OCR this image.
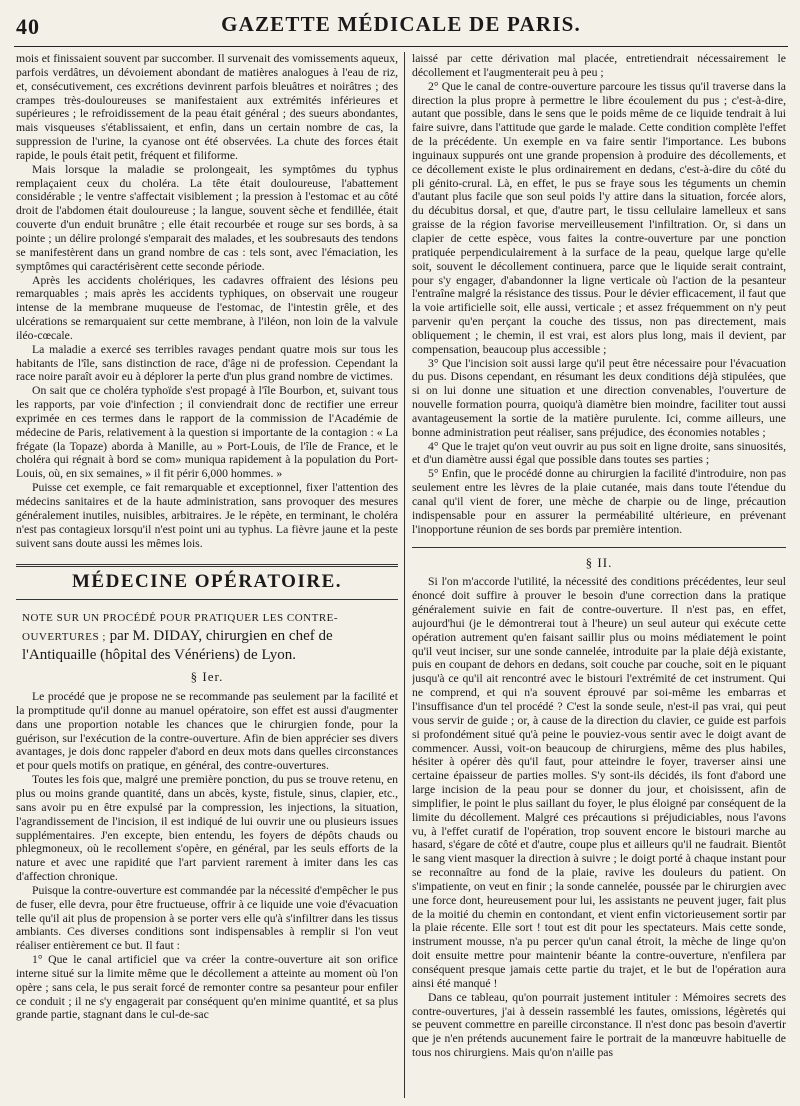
40	GAZETTE MÉDICALE DE PARIS.

mois et finissaient souvent par succomber. Il survenait des vomissements aqueux, parfois verdâtres, un dévoiement abondant de matières analogues à l'eau de riz, et, consécutivement, ces excrétions devinrent parfois bleuâtres et noirâtres ; des crampes très-douloureuses se manifestaient aux extrémités inférieures et supérieures ; le refroidissement de la peau était général ; des sueurs abondantes, mais visqueuses s'établissaient, et enfin, dans un certain nombre de cas, la suppression de l'urine, la cyanose ont été observées. La chute des forces était rapide, le pouls était petit, fréquent et filiforme.

Mais lorsque la maladie se prolongeait, les symptômes du typhus remplaçaient ceux du choléra. La tête était douloureuse, l'abattement considérable ; le ventre s'affectait visiblement ; la pression à l'estomac et au côté droit de l'abdomen était douloureuse ; la langue, souvent sèche et fendillée, était couverte d'un enduit brunâtre ; elle était recourbée et rouge sur ses bords, à sa pointe ; un délire prolongé s'emparait des malades, et les soubresauts des tendons se manifestèrent dans un grand nombre de cas : tels sont, avec l'émaciation, les symptômes qui caractérisèrent cette seconde période.

Après les accidents cholériques, les cadavres offraient des lésions peu remarquables ; mais après les accidents typhiques, on observait une rougeur intense de la membrane muqueuse de l'estomac, de l'intestin grêle, et des ulcérations se remarquaient sur cette membrane, à l'iléon, non loin de la valvule iléo-cœcale.

La maladie a exercé ses terribles ravages pendant quatre mois sur tous les habitants de l'île, sans distinction de race, d'âge ni de profession. Cependant la race noire paraît avoir eu à déplorer la perte d'un plus grand nombre de victimes.

On sait que ce choléra typhoïde s'est propagé à l'île Bourbon, et, suivant tous les rapports, par voie d'infection ; il conviendrait donc de rectifier une erreur exprimée en ces termes dans le rapport de la commission de l'Académie de médecine de Paris, relativement à la question si importante de la contagion : « La frégate (la Topaze) aborda à Manille, au » Port-Louis, de l'île de France, et le choléra qui régnait à bord se com» muniqua rapidement à la population du Port-Louis, où, en six semaines, » il fit périr 6,000 hommes. »

Puisse cet exemple, ce fait remarquable et exceptionnel, fixer l'attention des médecins sanitaires et de la haute administration, sans provoquer des mesures généralement inutiles, nuisibles, arbitraires. Je le répète, en terminant, le choléra n'est pas contagieux lorsqu'il n'est point uni au typhus. La fièvre jaune et la peste suivent sans doute aussi les mêmes lois.

MÉDECINE OPÉRATOIRE.

NOTE SUR UN PROCÉDÉ POUR PRATIQUER LES CONTRE-OUVERTURES ; par M. DIDAY, chirurgien en chef de l'Antiquaille (hôpital des Vénériens) de Lyon.

§ Ier.

Le procédé que je propose ne se recommande pas seulement par la facilité et la promptitude qu'il donne au manuel opératoire, son effet est aussi d'augmenter dans une proportion notable les chances que le chirurgien fonde, pour la guérison, sur l'exécution de la contre-ouverture. Afin de bien apprécier ses divers avantages, je dois donc rappeler d'abord en deux mots dans quelles circonstances et pour quels motifs on pratique, en général, des contre-ouvertures.

Toutes les fois que, malgré une première ponction, du pus se trouve retenu, en plus ou moins grande quantité, dans un abcès, kyste, fistule, sinus, clapier, etc., sans avoir pu en être expulsé par la compression, les injections, la situation, l'agrandissement de l'incision, il est indiqué de lui ouvrir une ou plusieurs issues supplémentaires. J'en excepte, bien entendu, les foyers de dépôts chauds ou phlegmoneux, où le recollement s'opère, en général, par les seuls efforts de la nature et avec une rapidité que l'art parvient rarement à imiter dans les cas d'affection chronique.

Puisque la contre-ouverture est commandée par la nécessité d'empêcher le pus de fuser, elle devra, pour être fructueuse, offrir à ce liquide une voie d'évacuation telle qu'il ait plus de propension à se porter vers elle qu'à s'infiltrer dans les tissus ambiants. Ces diverses conditions sont indispensables à remplir si l'on veut réaliser entièrement ce but. Il faut :

1° Que le canal artificiel que va créer la contre-ouverture ait son orifice interne situé sur la limite même que le décollement a atteinte au moment où l'on opère ; sans cela, le pus serait forcé de remonter contre sa pesanteur pour enfiler ce conduit ; il ne s'y engagerait par conséquent qu'en minime quantité, et sa plus grande partie, stagnant dans le cul-de-sac

laissé par cette dérivation mal placée, entretiendrait nécessairement le décollement et l'augmenterait peu à peu ;

2° Que le canal de contre-ouverture parcoure les tissus qu'il traverse dans la direction la plus propre à permettre le libre écoulement du pus ; c'est-à-dire, autant que possible, dans le sens que le poids même de ce liquide tendrait à lui faire suivre, dans l'attitude que garde le malade. Cette condition complète l'effet de la précédente. Un exemple en va faire sentir l'importance. Les bubons inguinaux suppurés ont une grande propension à produire des décollements, et ce décollement existe le plus ordinairement en dedans, c'est-à-dire du côté du pli génito-crural. Là, en effet, le pus se fraye sous les téguments un chemin d'autant plus facile que son seul poids l'y attire dans la situation, forcée alors, du décubitus dorsal, et que, d'autre part, le tissu cellulaire lamelleux et sans graisse de la région favorise merveilleusement l'infiltration. Or, si dans un clapier de cette espèce, vous faites la contre-ouverture par une ponction pratiquée perpendiculairement à la surface de la peau, quelque large qu'elle soit, souvent le décollement continuera, parce que le liquide serait contraint, pour s'y engager, d'abandonner la ligne verticale où l'action de la pesanteur l'entraîne malgré la résistance des tissus. Pour le dévier efficacement, il faut que la voie artificielle soit, elle aussi, verticale ; et assez fréquemment on n'y peut parvenir qu'en perçant la couche des tissus, non pas directement, mais obliquement ; le chemin, il est vrai, est alors plus long, mais il devient, par compensation, beaucoup plus accessible ;

3° Que l'incision soit aussi large qu'il peut être nécessaire pour l'évacuation du pus. Disons cependant, en résumant les deux conditions déjà stipulées, que si on lui donne une situation et une direction convenables, l'ouverture de nouvelle formation pourra, quoiqu'à diamètre bien moindre, faciliter tout aussi avantageusement la sortie de la matière purulente. Ici, comme ailleurs, une bonne administration peut réaliser, sans préjudice, des économies notables ;

4° Que le trajet qu'on veut ouvrir au pus soit en ligne droite, sans sinuosités, et d'un diamètre aussi égal que possible dans toutes ses parties ;

5° Enfin, que le procédé donne au chirurgien la facilité d'introduire, non pas seulement entre les lèvres de la plaie cutanée, mais dans toute l'étendue du canal qu'il vient de forer, une mèche de charpie ou de linge, précaution indispensable pour en assurer la perméabilité ultérieure, en prévenant l'inopportune réunion de ses bords par première intention.

§ II.

Si l'on m'accorde l'utilité, la nécessité des conditions précédentes, leur seul énoncé doit suffire à prouver le besoin d'une correction dans la pratique généralement suivie en fait de contre-ouverture. Il n'est pas, en effet, aujourd'hui (je le démontrerai tout à l'heure) un seul auteur qui exécute cette opération autrement qu'en faisant saillir plus ou moins médiatement le point qu'il veut inciser, sur une sonde cannelée, introduite par la plaie déjà existante, puis en coupant de dehors en dedans, soit couche par couche, soit en le piquant jusqu'à ce qu'il ait rencontré avec le bistouri l'extrémité de cet instrument. Qui ne comprend, et qui n'a souvent éprouvé par soi-même les embarras et l'insuffisance d'un tel procédé ? C'est la sonde seule, n'est-il pas vrai, qui peut vous servir de guide ; or, à cause de la direction du clavier, ce guide est parfois si profondément situé qu'à peine le pouviez-vous sentir avec le doigt avant de commencer. Aussi, voit-on beaucoup de chirurgiens, même des plus habiles, hésiter à opérer dès qu'il faut, pour atteindre le foyer, traverser ainsi une certaine épaisseur de parties molles. S'y sont-ils décidés, ils font d'abord une large incision de la peau pour se donner du jour, et choisissent, afin de simplifier, le point le plus saillant du foyer, le plus éloigné par conséquent de la limite du décollement. Malgré ces précautions si préjudiciables, nous l'avons vu, à l'effet curatif de l'opération, trop souvent encore le bistouri marche au hasard, s'égare de côté et d'autre, coupe plus et ailleurs qu'il ne faudrait. Bientôt le sang vient masquer la direction à suivre ; le doigt porté à chaque instant pour se reconnaître au fond de la plaie, ravive les douleurs du patient. On s'impatiente, on veut en finir ; la sonde cannelée, poussée par le chirurgien avec une force dont, heureusement pour lui, les assistants ne peuvent juger, fait plus de la moitié du chemin en contondant, et vient enfin victorieusement sortir par la plaie récente. Elle sort ! tout est dit pour les spectateurs. Mais cette sonde, instrument mousse, n'a pu percer qu'un canal étroit, la mèche de linge qu'on doit ensuite mettre pour maintenir béante la contre-ouverture, n'enfilera par conséquent presque jamais cette partie du trajet, et le but de l'opération aura ainsi été manqué !

Dans ce tableau, qu'on pourrait justement intituler : Mémoires secrets des contre-ouvertures, j'ai à dessein rassemblé les fautes, omissions, légèretés qui se peuvent commettre en pareille circonstance. Il n'est donc pas besoin d'avertir que je n'en prétends aucunement faire le portrait de la manœuvre habituelle de tous nos chirurgiens. Mais qu'on n'aille pas
